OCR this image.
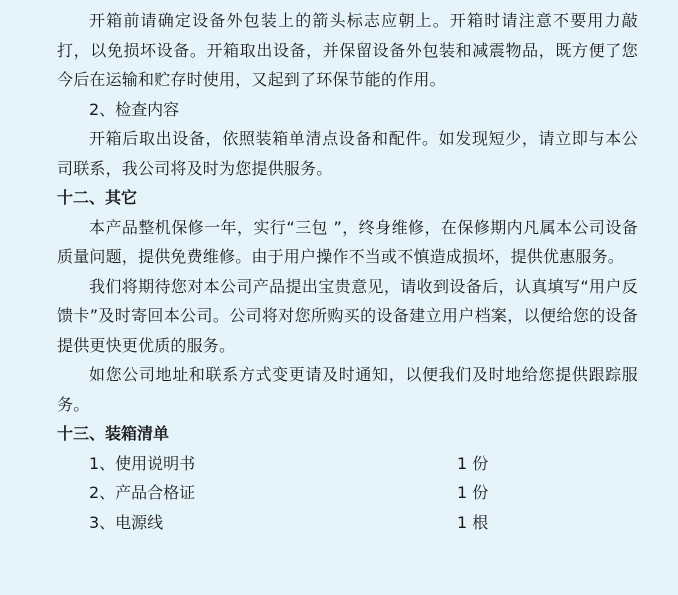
开箱前请确定设备外包装上的箭头标志应朝上。开箱时请注意不要用力敲打，以免损坏设备。开箱取出设备，并保留设备外包装和减震物品，既方便了您今后在运输和贮存时使用，又起到了环保节能的作用。

2、检查内容

开箱后取出设备，依照装箱单清点设备和配件。如发现短少，请立即与本公司联系，我公司将及时为您提供服务。

十二、其它

本产品整机保修一年，实行“三包 ”，终身维修，在保修期内凡属本公司设备质量问题，提供免费维修。由于用户操作不当或不慎造成损坏，提供优惠服务。

我们将期待您对本公司产品提出宝贵意见，请收到设备后，认真填写“用户反馈卡”及时寄回本公司。公司将对您所购买的设备建立用户档案，以便给您的设备提供更快更优质的服务。

如您公司地址和联系方式变更请及时通知，以便我们及时地给您提供跟踪服务。

十三、装箱清单

1、使用说明书	1 份
2、产品合格证	1 份
3、电源线	1 根
